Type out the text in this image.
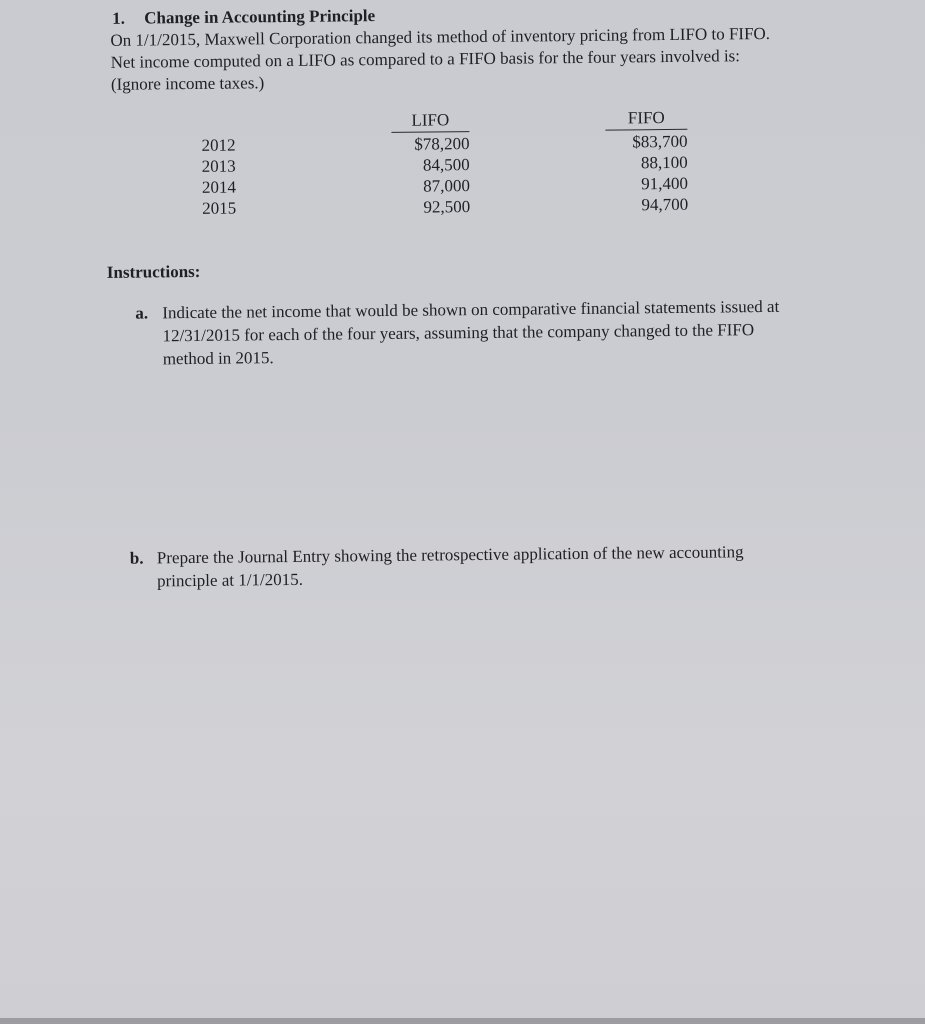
1. Change in Accounting Principle
On 1/1/2015, Maxwell Corporation changed its method of inventory pricing from LIFO to FIFO. Net income computed on a LIFO as compared to a FIFO basis for the four years involved is: (Ignore income taxes.)
2012
2013
2014
2015
LIFO
$78,200
84,500
87,000
92,500
FIFO
$83,700
88,100
91,400
94,700
Instructions:
a. Indicate the net income that would be shown on comparative financial statements issued at 12/31/2015 for each of the four years, assuming that the company changed to the FIFO method in 2015.
b. Prepare the Journal Entry showing the retrospective application of the new accounting principle at 1/1/2015.
